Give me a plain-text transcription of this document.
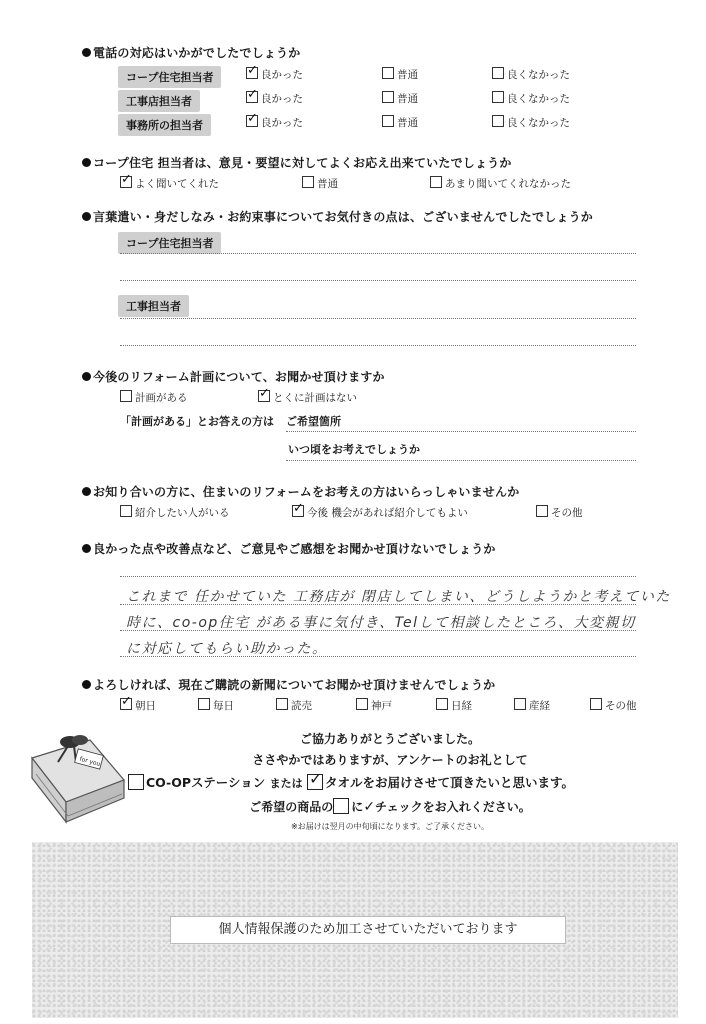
電話の対応はいかがでしたでしょうか
コープ住宅担当者 ✓	良かった	普通	良くなかった
工事店担当者 ✓	良かった	普通	良くなかった
事務所の担当者 ✓	良かった	普通	良くなかった
コープ住宅 担当者は、意見・要望に対してよくお応え出来ていたでしょうか
✓よく聞いてくれた	普通	あまり聞いてくれなかった
言葉遣い・身だしなみ・お約束事についてお気付きの点は、ございませんでしたでしょうか
コープ住宅担当者
工事担当者
今後のリフォーム計画について、お聞かせ頂けますか
計画がある ✓	とくに計画はない
「計画がある」とお答えの方は ご希望箇所
いつ頃をお考えでしょうか
お知り合いの方に、住まいのリフォームをお考えの方はいらっしゃいませんか
紹介したい人がいる ✓	今後 機会があれば紹介してもよい	その他
良かった点や改善点など、ご意見やご感想をお聞かせ頂けないでしょうか
これまで 任かせていた 工務店が 閉店してしまい、どうしようかと考えていた
時に、co-op住宅 がある事に気付き、Telして相談したところ、大変親切
に対応してもらい助かった。
よろしければ、現在ご購読の新聞についてお聞かせ頂けませんでしょうか
✓朝日	毎日	読売	神戸	日経	産経	その他
for you
ご協力ありがとうございました。
ささやかではありますが、アンケートのお礼として
CO-OPステーション または ✓ タオルをお届けさせて頂きたいと思います。
ご希望の商品の に✓チェックをお入れください。
※お届けは翌月の中旬頃になります。ご了承ください。
個人情報保護のため加工させていただいております
